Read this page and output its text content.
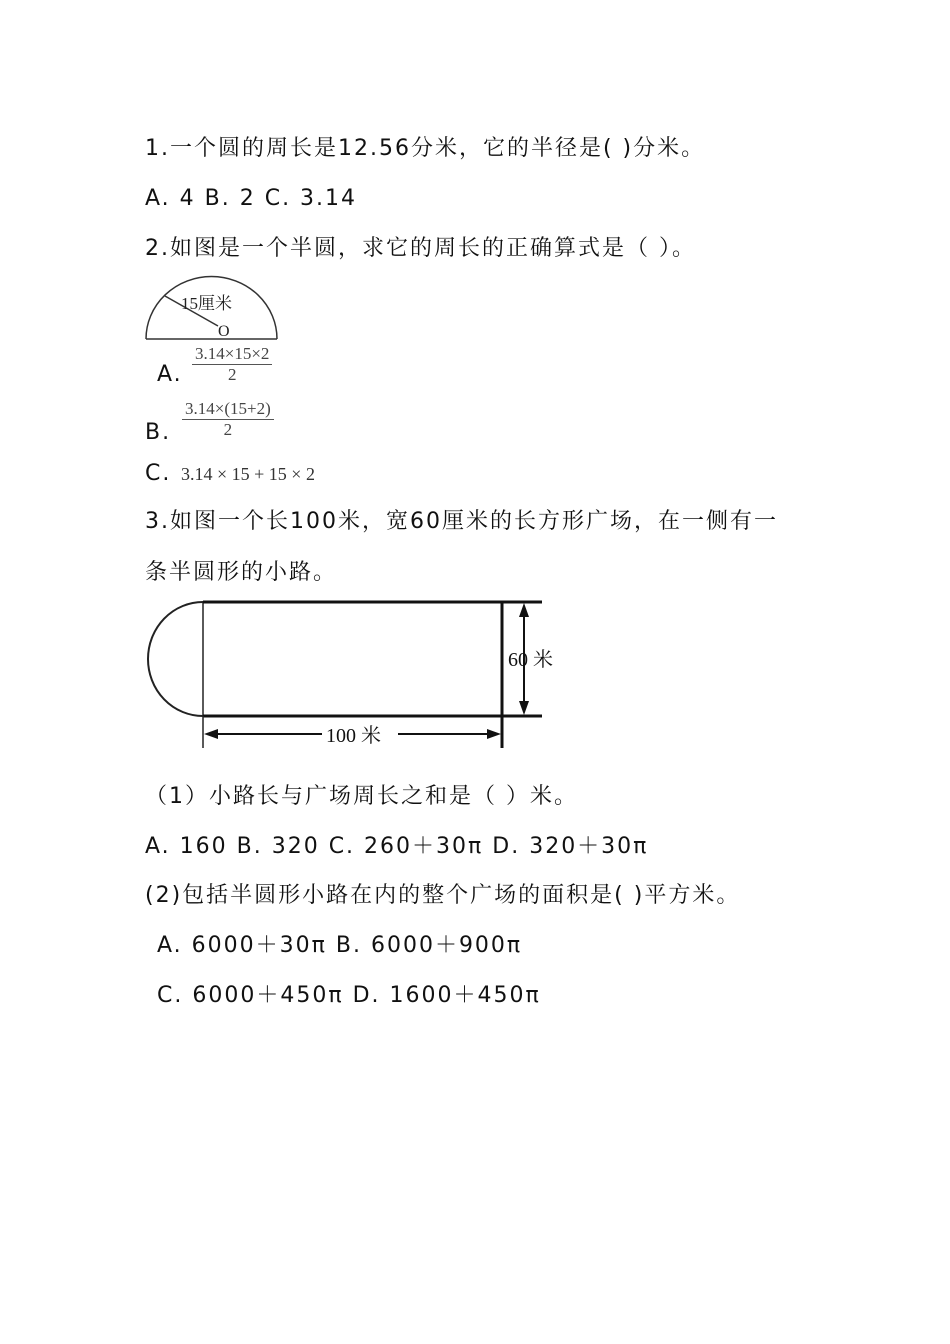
1.一个圆的周长是12.56分米，它的半径是( )分米。
A. 4 B. 2 C. 3.14
2.如图是一个半圆，求它的周长的正确算式是（ ）。
15厘米
O
60 米
100 米
A. $\frac{3.14\times 15\times 2}{2}$
B. $\frac{3.14\times(15+2)}{2}$
C. 3.14 × 15 + 15 × 2
3.如图一个长100米，宽60厘米的长方形广场，在一侧有一
条半圆形的小路。
（1）小路长与广场周长之和是（ ）米。
A. 160 B. 320 C. 260＋30π D. 320＋30π
(2)包括半圆形小路在内的整个广场的面积是( )平方米。
A. 6000＋30π B. 6000＋900π
C. 6000＋450π D. 1600＋450π
